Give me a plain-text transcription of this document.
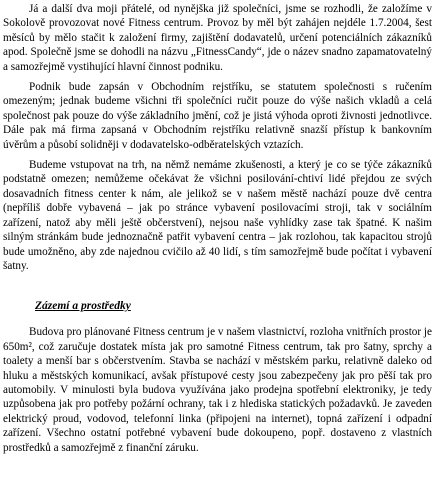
Já a další dva moji přátelé, od nynějška již společníci, jsme se rozhodli, že založíme v Sokolově provozovat nové Fitness centrum. Provoz by měl být zahájen nejdéle 1.7.2004, šest měsíců by mělo stačit k založení firmy, zajištění dodavatelů, určení potenciálních zákazníků apod. Společně jsme se dohodli na názvu „FitnessCandy“, jde o název snadno zapamatovatelný a samozřejmě vystihující hlavní činnost podniku.

Podnik bude zapsán v Obchodním rejstříku, se statutem společnosti s ručením omezeným; jednak budeme všichni tři společníci ručit pouze do výše našich vkladů a celá společnost pak pouze do výše základního jmění, což je jistá výhoda oproti živnosti jednotlivce. Dále pak má firma zapsaná v Obchodním rejstříku relativně snazší přístup k bankovním úvěrům a působí solidněji v dodavatelsko-odběratelských vztazích.

Budeme vstupovat na trh, na němž nemáme zkušenosti, a který je co se týče zákazníků podstatně omezen; nemůžeme očekávat že všichni posilování-chtiví lidé přejdou ze svých dosavadních fitness center k nám, ale jelikož se v našem městě nachází pouze dvě centra (nepříliš dobře vybavená – jak po stránce vybavení posilovacími stroji, tak v sociálním zařízení, natož aby měli ještě občerstvení), nejsou naše vyhlídky zase tak špatné. K našim silným stránkám bude jednoznačně patřit vybavení centra – jak rozlohou, tak kapacitou strojů bude umožněno, aby zde najednou cvičilo až 40 lidí, s tím samozřejmě bude počítat i vybavení šatny.

Zázemí a prostředky

Budova pro plánované Fitness centrum je v našem vlastnictví, rozloha vnitřních prostor je 650m², což zaručuje dostatek místa jak pro samotné Fitness centrum, tak pro šatny, sprchy a toalety a menší bar s občerstvením. Stavba se nachází v městském parku, relativně daleko od hluku a městských komunikací, avšak přístupové cesty jsou zabezpečeny jak pro pěší tak pro automobily. V minulosti byla budova využívána jako prodejna spotřební elektroniky, je tedy uzpůsobena jak pro potřeby požární ochrany, tak i z hlediska statických požadavků. Je zaveden elektrický proud, vodovod, telefonní linka (připojeni na internet), topná zařízení i odpadní zařízení. Všechno ostatní potřebné vybavení bude dokoupeno, popř. dostaveno z vlastních prostředků a samozřejmě z finanční záruku.
